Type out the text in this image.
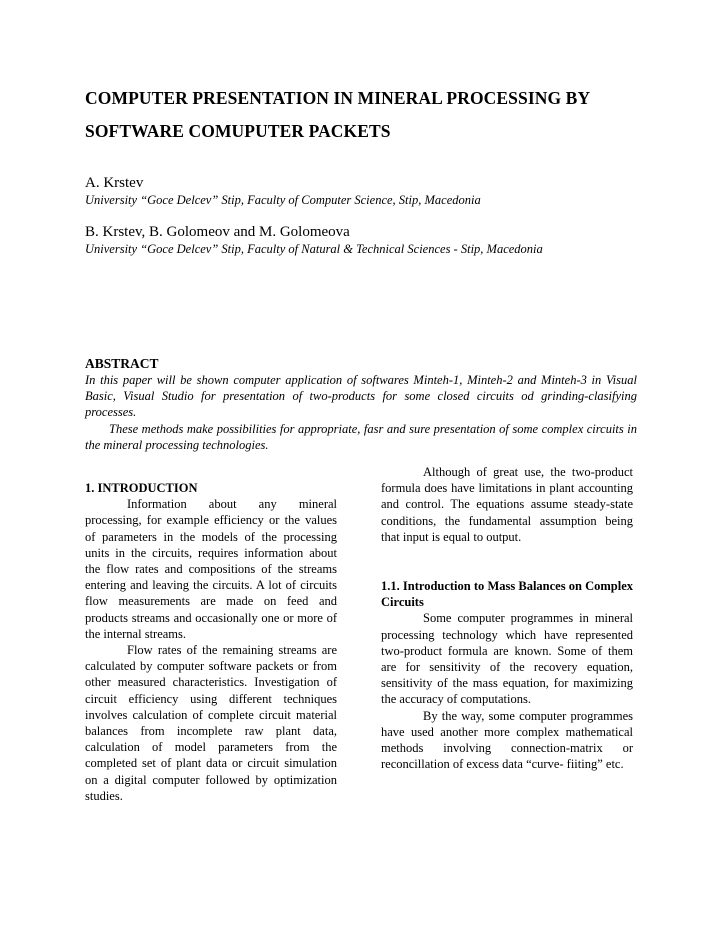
COMPUTER PRESENTATION IN MINERAL PROCESSING BY
SOFTWARE COMUPUTER PACKETS
A. Krstev
University “Goce Delcev” Stip, Faculty of Computer Science, Stip, Macedonia
B. Krstev, B. Golomeov and M. Golomeova
University “Goce Delcev” Stip, Faculty of Natural & Technical Sciences - Stip, Macedonia
ABSTRACT

In this paper will be shown computer application of softwares Minteh-1, Minteh-2 and Minteh-3 in Visual Basic, Visual Studio for presentation of two-products for some closed circuits od grinding-clasifying processes.

These methods make possibilities for appropriate, fasr and sure presentation of some complex circuits in the mineral processing technologies.

1. INTRODUCTION

Information about any mineral processing, for example efficiency or the values of parameters in the models of the processing units in the circuits, requires information about the flow rates and compositions of the streams entering and leaving the circuits. A lot of circuits flow measurements are made on feed and products streams and occasionally one or more of the internal streams.

Flow rates of the remaining streams are calculated by computer software packets or from other measured characteristics. Investigation of circuit efficiency using different techniques involves calculation of complete circuit material balances from incomplete raw plant data, calculation of model parameters from the completed set of plant data or circuit simulation on a digital computer followed by optimization studies.

Although of great use, the two-product formula does have limitations in plant accounting and control. The equations assume steady-state conditions, the fundamental assumption being that input is equal to output.

1.1. Introduction to Mass Balances on Complex Circuits

Some computer programmes in mineral processing technology which have represented two-product formula are known. Some of them are for sensitivity of the recovery equation, sensitivity of the mass equation, for maximizing the accuracy of computations.

By the way, some computer programmes have used another more complex mathematical methods involving connection-matrix or reconcillation of excess data “curve- fiiting” etc.
